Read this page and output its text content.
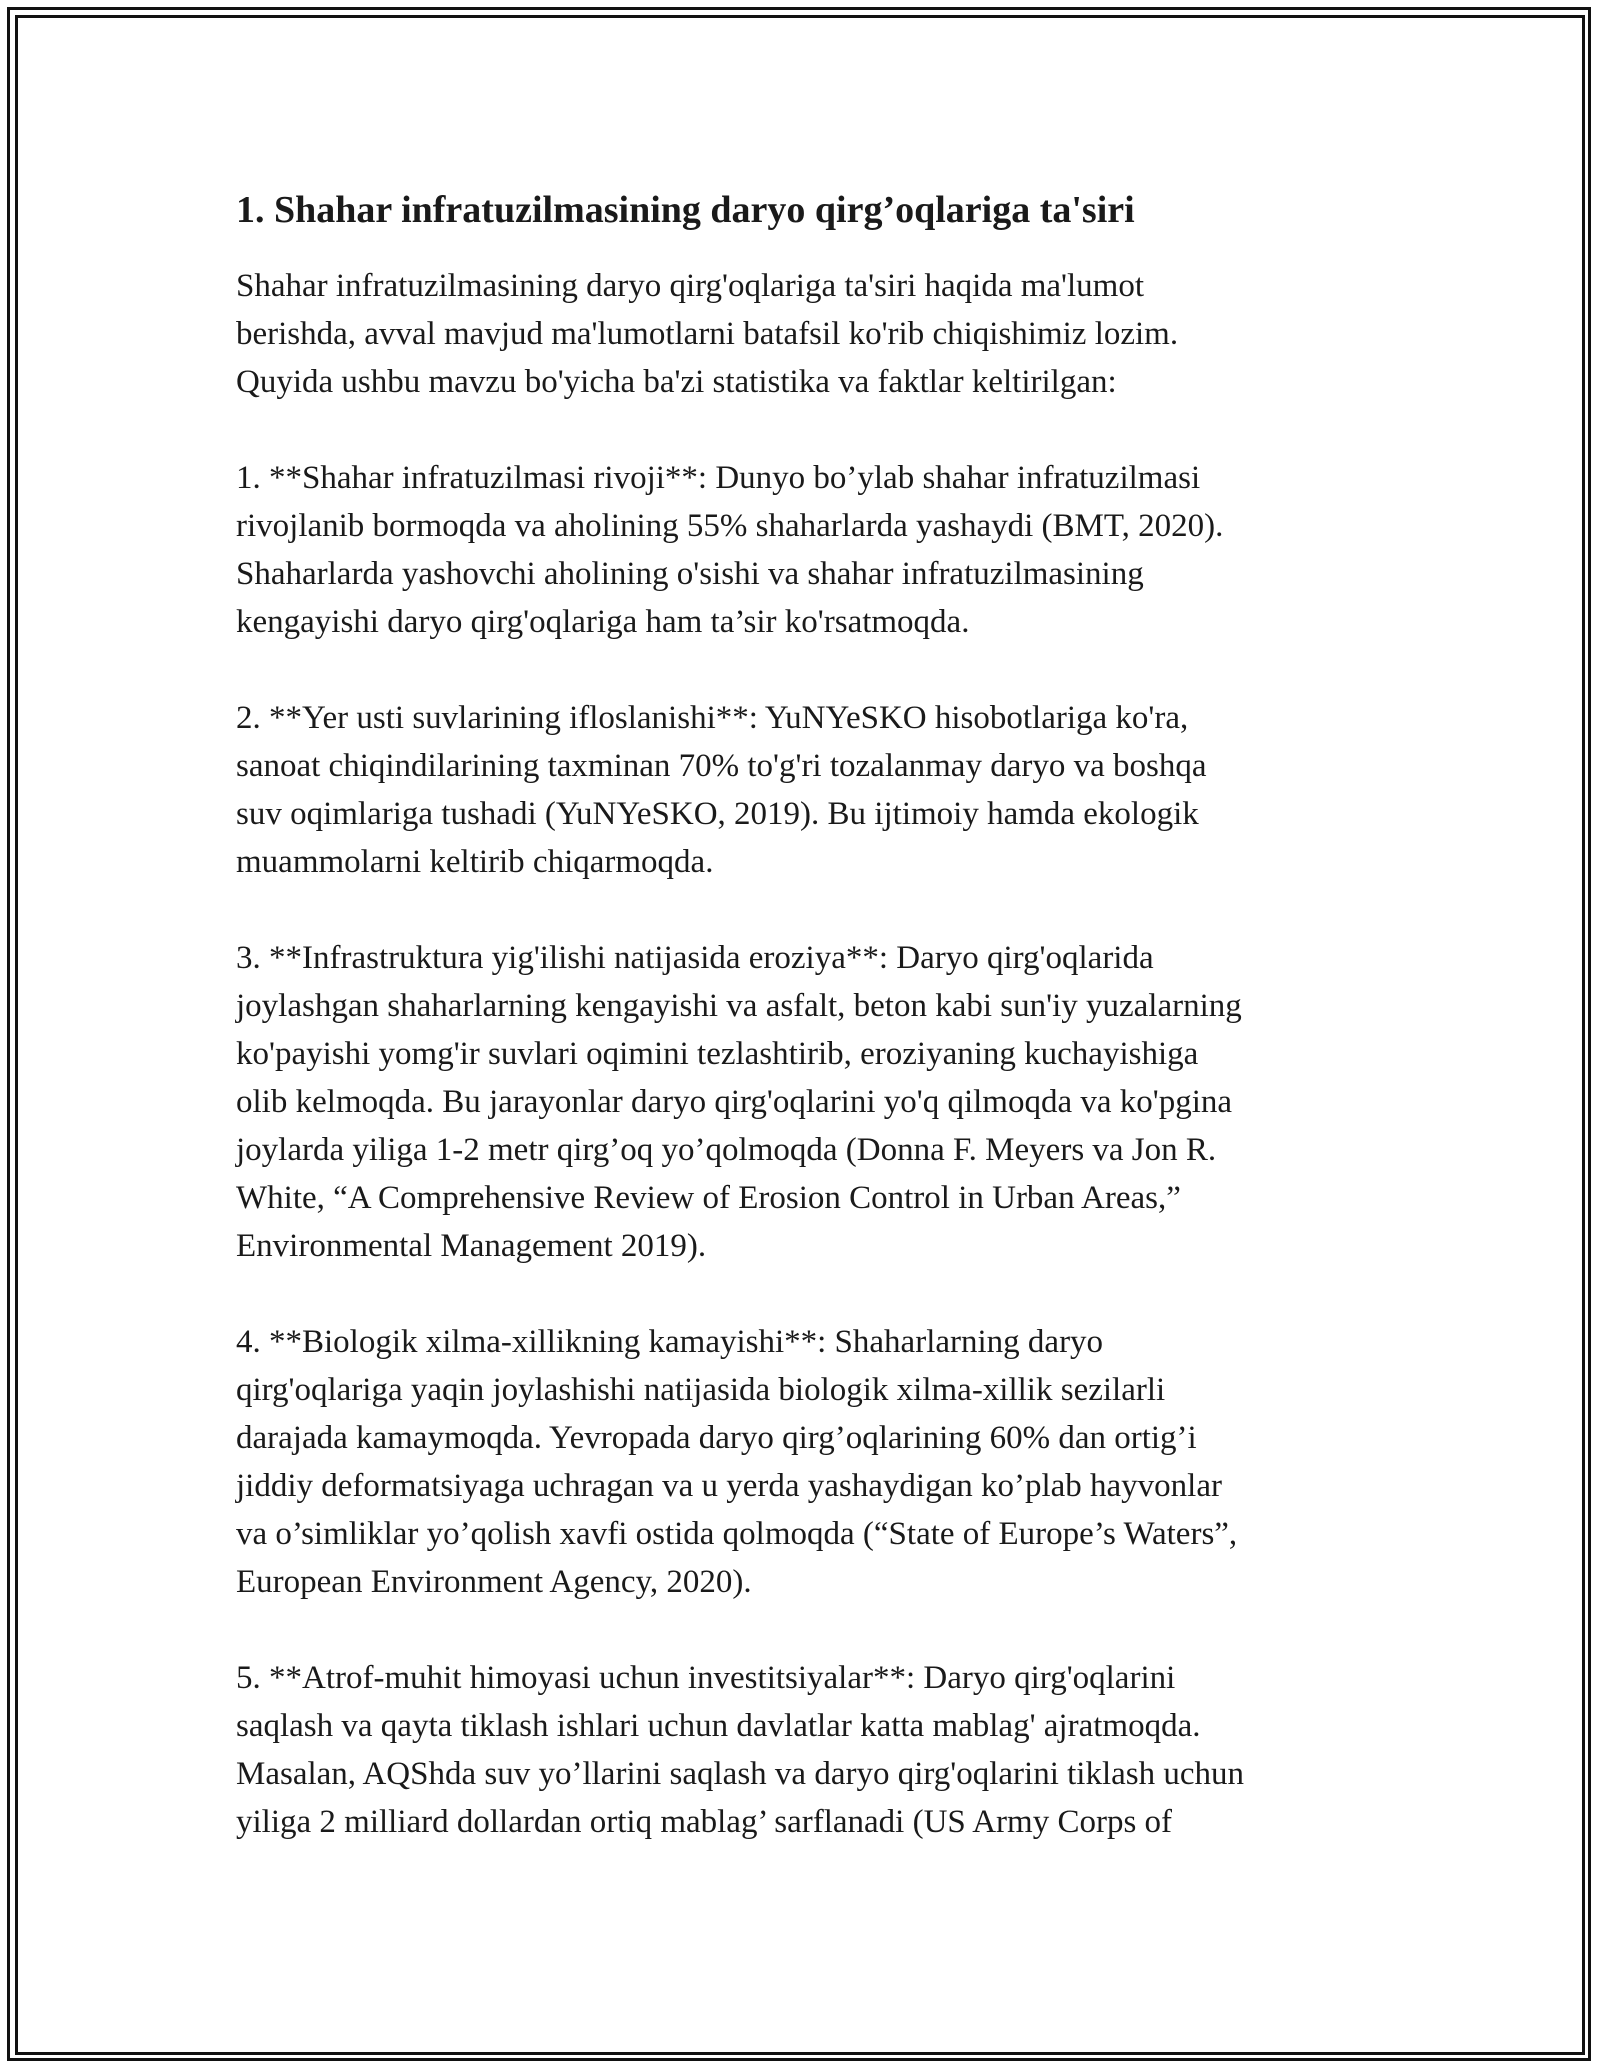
1. Shahar infratuzilmasining daryo qirg’oqlariga ta'siri

Shahar infratuzilmasining daryo qirg'oqlariga ta'siri haqida ma'lumot
berishda, avval mavjud ma'lumotlarni batafsil ko'rib chiqishimiz lozim.
Quyida ushbu mavzu bo'yicha ba'zi statistika va faktlar keltirilgan:

1. **Shahar infratuzilmasi rivoji**: Dunyo bo’ylab shahar infratuzilmasi
rivojlanib bormoqda va aholining 55% shaharlarda yashaydi (BMT, 2020).
Shaharlarda yashovchi aholining o'sishi va shahar infratuzilmasining
kengayishi daryo qirg'oqlariga ham ta’sir ko'rsatmoqda.

2. **Yer usti suvlarining ifloslanishi**: YuNYeSKO hisobotlariga ko'ra,
sanoat chiqindilarining taxminan 70% to'g'ri tozalanmay daryo va boshqa
suv oqimlariga tushadi (YuNYeSKO, 2019). Bu ijtimoiy hamda ekologik
muammolarni keltirib chiqarmoqda.

3. **Infrastruktura yig'ilishi natijasida eroziya**: Daryo qirg'oqlarida
joylashgan shaharlarning kengayishi va asfalt, beton kabi sun'iy yuzalarning
ko'payishi yomg'ir suvlari oqimini tezlashtirib, eroziyaning kuchayishiga
olib kelmoqda. Bu jarayonlar daryo qirg'oqlarini yo'q qilmoqda va ko'pgina
joylarda yiliga 1-2 metr qirg’oq yo’qolmoqda (Donna F. Meyers va Jon R.
White, “A Comprehensive Review of Erosion Control in Urban Areas,”
Environmental Management 2019).

4. **Biologik xilma-xillikning kamayishi**: Shaharlarning daryo
qirg'oqlariga yaqin joylashishi natijasida biologik xilma-xillik sezilarli
darajada kamaymoqda. Yevropada daryo qirg’oqlarining 60% dan ortig’i
jiddiy deformatsiyaga uchragan va u yerda yashaydigan ko’plab hayvonlar
va o’simliklar yo’qolish xavfi ostida qolmoqda (“State of Europe’s Waters”,
European Environment Agency, 2020).

5. **Atrof-muhit himoyasi uchun investitsiyalar**: Daryo qirg'oqlarini
saqlash va qayta tiklash ishlari uchun davlatlar katta mablag' ajratmoqda.
Masalan, AQShda suv yo’llarini saqlash va daryo qirg'oqlarini tiklash uchun
yiliga 2 milliard dollardan ortiq mablag’ sarflanadi (US Army Corps of
